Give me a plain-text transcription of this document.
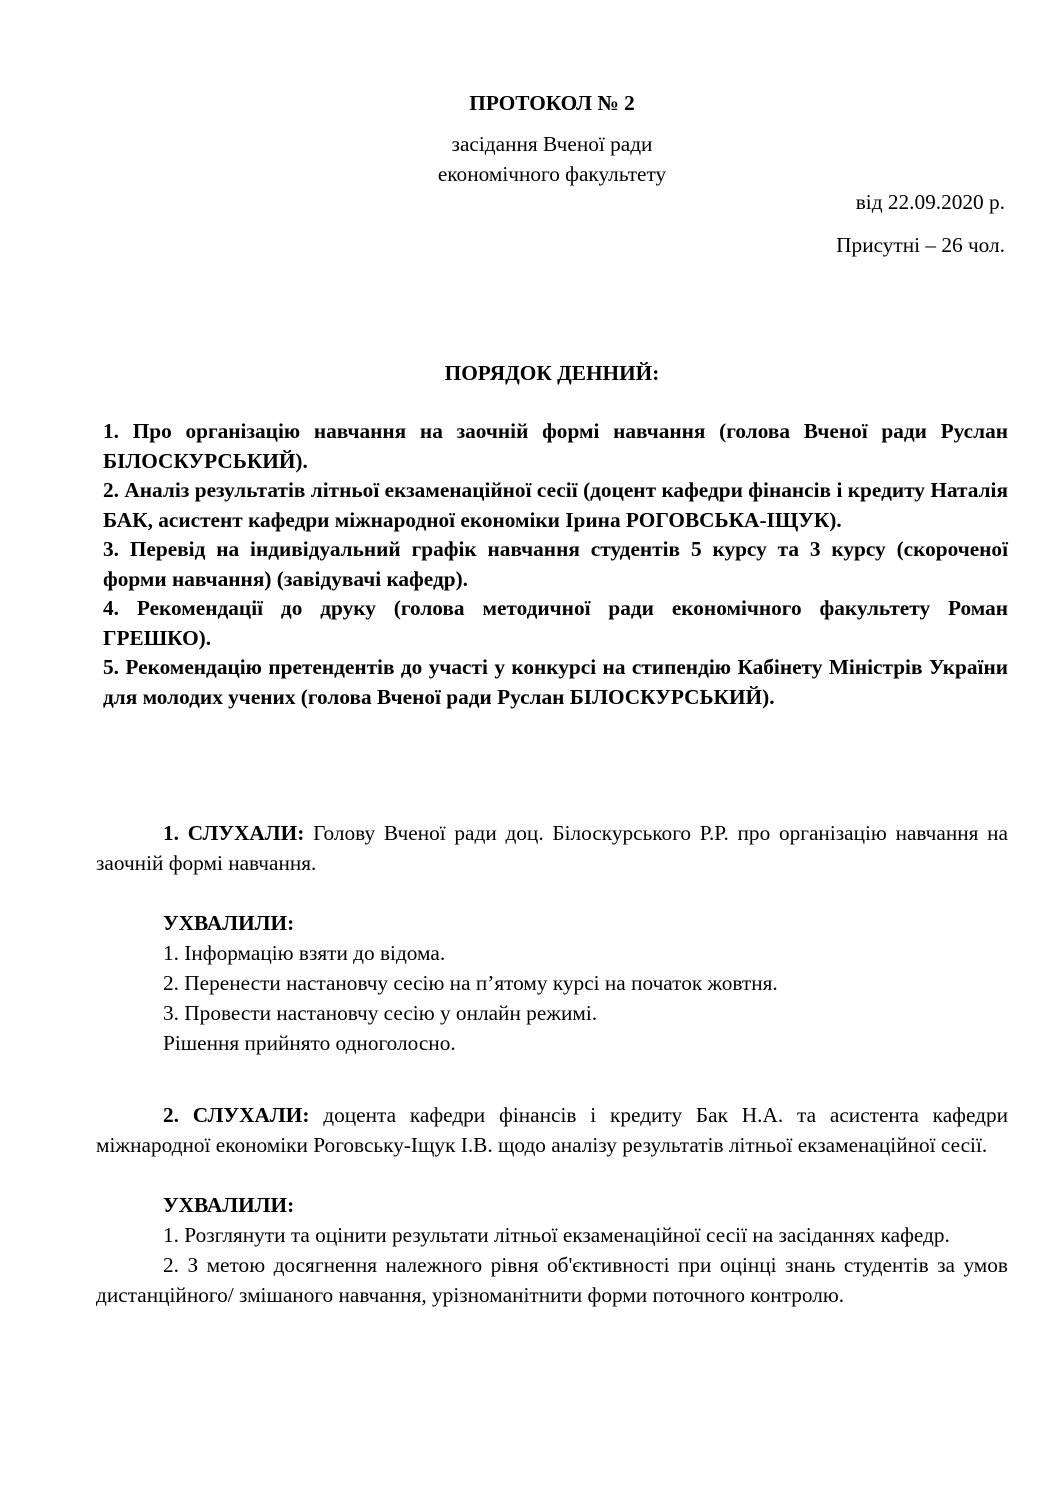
ПРОТОКОЛ № 2
засідання Вченої ради
економічного факультету
від 22.09.2020 р.
Присутні – 26 чол.
ПОРЯДОК ДЕННИЙ:

1. Про організацію навчання на заочній формі навчання (голова Вченої ради Руслан БІЛОСКУРСЬКИЙ).

2. Аналіз результатів літньої екзаменаційної сесії (доцент кафедри фінансів і кредиту Наталія БАК, асистент кафедри міжнародної економіки Ірина РОГОВСЬКА-ІЩУК).

3. Перевід на індивідуальний графік навчання студентів 5 курсу та 3 курсу (скороченої форми навчання) (завідувачі кафедр).

4. Рекомендації до друку (голова методичної ради економічного факультету Роман ГРЕШКО).

5. Рекомендацію претендентів до участі у конкурсі на стипендію Кабінету Міністрів України для молодих учених (голова Вченої ради Руслан БІЛОСКУРСЬКИЙ).

1. СЛУХАЛИ: Голову Вченої ради доц. Білоскурського Р.Р. про організацію навчання на заочній формі навчання.

УХВАЛИЛИ:

1. Інформацію взяти до відома.

2. Перенести настановчу сесію на п’ятому курсі на початок жовтня.

3. Провести настановчу сесію у онлайн режимі.

Рішення прийнято одноголосно.

2. СЛУХАЛИ: доцента кафедри фінансів і кредиту Бак Н.А. та асистента кафедри міжнародної економіки Роговську-Іщук І.В. щодо аналізу результатів літньої екзаменаційної сесії.

УХВАЛИЛИ:

1. Розглянути та оцінити результати літньої екзаменаційної сесії на засіданнях кафедр.

2. З метою досягнення належного рівня об'єктивності при оцінці знань студентів за умов дистанційного/ змішаного навчання, урізноманітнити форми поточного контролю.
